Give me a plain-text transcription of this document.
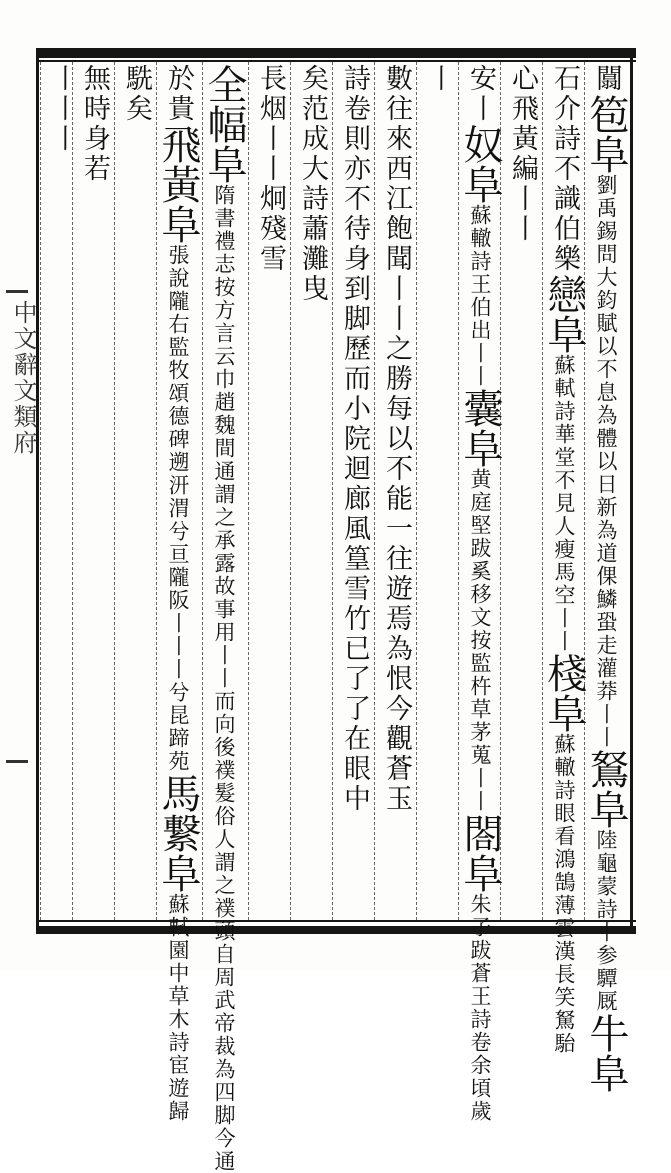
闒笣阜劉禹錫問大鈞賦以不息為體以日新為道倮鱗蛩走灌莽丨丨鴑阜陸龜蒙詩丨参驔厩牛阜
石介詩不識伯樂戀阜蘇軾詩華堂不見人瘦馬空丨丨棧阜蘇轍詩眼看鴻鵠薄雲漢長笑駑駘
心飛黃編丨丨
安丨奴阜蘇轍詩王伯出丨丨囊阜黄庭堅跋奚移文按監杵草茅蒐丨丨閤阜朱子跋蒼王詩卷余頃歲
丨
數往來西江飽聞丨丨之勝每以不能一往遊焉為恨今觀蒼玉
詩卷則亦不待身到脚歷而小院迴廊風篁雪竹已了了在眼中
矣范成大詩蕭灘曳
長烟丨丨炯殘雪
全幅阜隋書禮志按方言云巾趙魏間通謂之承露故事用丨丨而向後襆髮俗人謂之襆頭自周武帝裁為四脚今通
於貴飛黃阜張說隴右監牧頌德碑遡汧渭兮亘隴阪丨丨丨兮昆蹄苑馬繋阜蘇軾園中草木詩宦遊歸
駪矣
無時身若
丨丨丨
中文辭文類府
